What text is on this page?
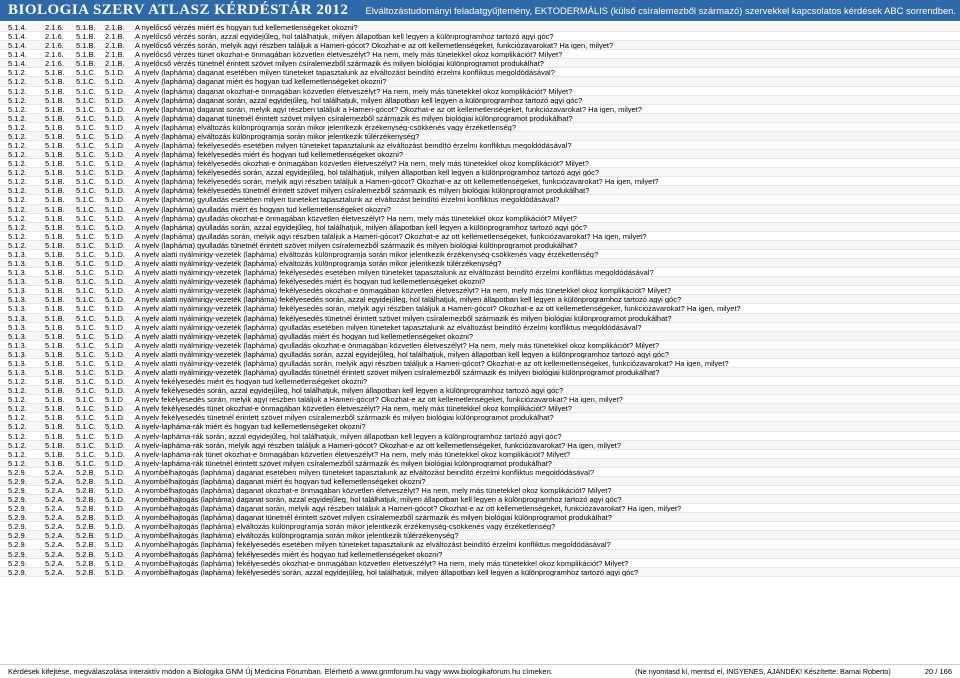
BIOLOGIA SZERV ATLASZ KÉRDÉSTÁR 2012 Elváltozástudományi feladatgyűjtemény, EKTODERMÁLIS (külső csíralemezből származó) szervekkel kapcsolatos kérdések ABC sorrendben.
5.1.4.	2.1.6.	5.1.B.	2.1.B.	A nyelőcső vérzés miért és hogyan tud kellemetlenségeket okozni?
5.1.4.	2.1.6.	5.1.B.	2.1.B.	A nyelőcső vérzés során, azzal egyidejűleg, hol találhatjuk, milyen állapotban kell legyen a különprogramhoz tartozó agyi góc?
5.1.4.	2.1.6.	5.1.B.	2.1.B.	A nyelőcső vérzés során, melyik agyi részben találjuk a Hameri-gócot? Okozhat-e az ott kellemetlenségeket, funkciózavarokat? Ha igen, milyet?
5.1.4.	2.1.6.	5.1.B.	2.1.B.	A nyelőcső vérzés tünet okozhat-e önmagában közvetlen életveszélyt? Ha nem, mely más tünetekkel okoz komplikációt? Milyet?
5.1.4.	2.1.6.	5.1.B.	2.1.B.	A nyelőcső vérzés tünetnél érintett szövet milyen csíralemezből származik és milyen biológiai különprogramot produkálhat?
5.1.2.	5.1.B.	5.1.C.	5.1.D.	A nyelv (lapháma) daganat esetében milyen tüneteket tapasztalunk az elváltozást beindító érzelmi konfliktus megoldódásával?
5.1.2.	5.1.B.	5.1.C.	5.1.D.	A nyelv (lapháma) daganat miért és hogyan tud kellemetlenségeket okozni?
5.1.2.	5.1.B.	5.1.C.	5.1.D.	A nyelv (lapháma) daganat okozhat-e önmagában közvetlen életveszélyt? Ha nem, mely más tünetekkel okoz komplikációt? Milyet?
5.1.2.	5.1.B.	5.1.C.	5.1.D.	A nyelv (lapháma) daganat során, azzal egyidejűleg, hol találhatjuk, milyen állapotban kell legyen a különprogramhoz tartozó agyi góc?
5.1.2.	5.1.B.	5.1.C.	5.1.D.	A nyelv (lapháma) daganat során, melyik agyi részben találjuk a Hameri-gócot? Okozhat-e az ott kellemetlenségeket, funkciózavarokat? Ha igen, milyet?
5.1.2.	5.1.B.	5.1.C.	5.1.D.	A nyelv (lapháma) daganat tünetnél érintett szövet milyen csíralemezből származik és milyen biológiai különprogramot produkálhat?
5.1.2.	5.1.B.	5.1.C.	5.1.D.	A nyelv (lapháma) elváltozás különprogramja során mikor jelentkezik érzékenység-csökkenés vagy érzéketlenség?
5.1.2.	5.1.B.	5.1.C.	5.1.D.	A nyelv (lapháma) elváltozás különprogramja során mikor jelentkezik túlérzékenység?
5.1.2.	5.1.B.	5.1.C.	5.1.D.	A nyelv (lapháma) fekélyesedés esetében milyen tüneteket tapasztalunk az elváltozást beindító érzelmi konfliktus megoldódásával?
5.1.2.	5.1.B.	5.1.C.	5.1.D.	A nyelv (lapháma) fekélyesedés miért és hogyan tud kellemetlenségeket okozni?
5.1.2.	5.1.B.	5.1.C.	5.1.D.	A nyelv (lapháma) fekélyesedés okozhat-e önmagában közvetlen életveszélyt? Ha nem, mely más tünetekkel okoz komplikációt? Milyet?
5.1.2.	5.1.B.	5.1.C.	5.1.D.	A nyelv (lapháma) fekélyesedés során, azzal egyidejűleg, hol találhatjuk, milyen állapotban kell legyen a különprogramhoz tartozó agyi góc?
5.1.2.	5.1.B.	5.1.C.	5.1.D.	A nyelv (lapháma) fekélyesedés során, melyik agyi részben találjuk a Hameri-gócot? Okozhat-e az ott kellemetlenségeket, funkciózavarokat? Ha igen, milyet?
5.1.2.	5.1.B.	5.1.C.	5.1.D.	A nyelv (lapháma) fekélyesedés tünetnél érintett szövet milyen csíralemezből származik és milyen biológiai különprogramot produkálhat?
5.1.2.	5.1.B.	5.1.C.	5.1.D.	A nyelv (lapháma) gyulladás esetében milyen tüneteket tapasztalunk az elváltozást beindító érzelmi konfliktus megoldódásával?
5.1.2.	5.1.B.	5.1.C.	5.1.D.	A nyelv (lapháma) gyulladás miért és hogyan tud kellemetlenségeket okozni?
5.1.2.	5.1.B.	5.1.C.	5.1.D.	A nyelv (lapháma) gyulladás okozhat-e önmagában közvetlen életveszélyt? Ha nem, mely más tünetekkel okoz komplikációt? Milyet?
5.1.2.	5.1.B.	5.1.C.	5.1.D.	A nyelv (lapháma) gyulladás során, azzal egyidejűleg, hol találhatjuk, milyen állapotban kell legyen a különprogramhoz tartozó agyi góc?
5.1.2.	5.1.B.	5.1.C.	5.1.D.	A nyelv (lapháma) gyulladás során, melyik agyi részben találjuk a Hameri-gócot? Okozhat-e az ott kellemetlenségeket, funkciózavarokat? Ha igen, milyet?
5.1.2.	5.1.B.	5.1.C.	5.1.D.	A nyelv (lapháma) gyulladás tünetnél érintett szövet milyen csíralemezből származik és milyen biológiai különprogramot produkálhat?
5.1.3.	5.1.B.	5.1.C.	5.1.D.	A nyelv alatti nyálmirigy-vezeték (lapháma) elváltozás különprogramja során mikor jelentkezik érzékenység-csökkenés vagy érzéketlenség?
5.1.3.	5.1.B.	5.1.C.	5.1.D.	A nyelv alatti nyálmirigy-vezeték (lapháma) elváltozás különprogramja során mikor jelentkezik túlérzékenység?
5.1.3.	5.1.B.	5.1.C.	5.1.D.	A nyelv alatti nyálmirigy-vezeték (lapháma) fekélyesedés esetében milyen tüneteket tapasztalunk az elváltozást beindító érzelmi konfliktus megoldódásával?
5.1.3.	5.1.B.	5.1.C.	5.1.D.	A nyelv alatti nyálmirigy-vezeték (lapháma) fekélyesedés miért és hogyan tud kellemetlenségeket okozni?
5.1.3.	5.1.B.	5.1.C.	5.1.D.	A nyelv alatti nyálmirigy-vezeték (lapháma) fekélyesedés okozhat-e önmagában közvetlen életveszélyt? Ha nem, mely más tünetekkel okoz komplikációt? Milyet?
5.1.3.	5.1.B.	5.1.C.	5.1.D.	A nyelv alatti nyálmirigy-vezeték (lapháma) fekélyesedés során, azzal egyidejűleg, hol találhatjuk, milyen állapotban kell legyen a különprogramhoz tartozó agyi góc?
5.1.3.	5.1.B.	5.1.C.	5.1.D.	A nyelv alatti nyálmirigy-vezeték (lapháma) fekélyesedés során, melyik agyi részben találjuk a Hameri-gócot? Okozhat-e az ott kellemetlenségeket, funkciózavarokat? Ha igen, milyet?
5.1.3.	5.1.B.	5.1.C.	5.1.D.	A nyelv alatti nyálmirigy-vezeték (lapháma) fekélyesedés tünetnél érintett szövet milyen csíralemezből származik és milyen biológiai különprogramot produkálhat?
5.1.3.	5.1.B.	5.1.C.	5.1.D.	A nyelv alatti nyálmirigy-vezeték (lapháma) gyulladás esetében milyen tüneteket tapasztalunk az elváltozást beindító érzelmi konfliktus megoldódásával?
5.1.3.	5.1.B.	5.1.C.	5.1.D.	A nyelv alatti nyálmirigy-vezeték (lapháma) gyulladás miért és hogyan tud kellemetlenségeket okozni?
5.1.3.	5.1.B.	5.1.C.	5.1.D.	A nyelv alatti nyálmirigy-vezeték (lapháma) gyulladás okozhat-e önmagában közvetlen életveszélyt? Ha nem, mely más tünetekkel okoz komplikációt? Milyet?
5.1.3.	5.1.B.	5.1.C.	5.1.D.	A nyelv alatti nyálmirigy-vezeték (lapháma) gyulladás során, azzal egyidejűleg, hol találhatjuk, milyen állapotban kell legyen a különprogramhoz tartozó agyi góc?
5.1.3.	5.1.B.	5.1.C.	5.1.D.	A nyelv alatti nyálmirigy-vezeték (lapháma) gyulladás során, melyik agyi részben találjuk a Hameri-gócot? Okozhat-e az ott kellemetlenségeket, funkciózavarokat? Ha igen, milyet?
5.1.3.	5.1.B.	5.1.C.	5.1.D.	A nyelv alatti nyálmirigy-vezeték (lapháma) gyulladás tünetnél érintett szövet milyen csíralemezből származik és milyen biológiai különprogramot produkálhat?
5.1.2.	5.1.B.	5.1.C.	5.1.D.	A nyelv fekélyesedés miért és hogyan tud kellemetlenségeket okozni?
5.1.2.	5.1.B.	5.1.C.	5.1.D.	A nyelv fekélyesedés során, azzal egyidejűleg, hol találhatjuk, milyen állapotban kell legyen a különprogramhoz tartozó agyi góc?
5.1.2.	5.1.B.	5.1.C.	5.1.D.	A nyelv fekélyesedés során, melyik agyi részben találjuk a Hameri-gócot? Okozhat-e az ott kellemetlenségeket, funkciózavarokat? Ha igen, milyet?
5.1.2.	5.1.B.	5.1.C.	5.1.D.	A nyelv fekélyesedés tünet okozhat-e önmagában közvetlen életveszélyt? Ha nem, mely más tünetekkel okoz komplikációt? Milyet?
5.1.2.	5.1.B.	5.1.C.	5.1.D.	A nyelv fekélyesedés tünetnél érintett szövet milyen csíralemezből származik és milyen biológiai különprogramot produkálhat?
5.1.2.	5.1.B.	5.1.C.	5.1.D.	A nyelv-lapháma-rák miért és hogyan tud kellemetlenségeket okozni?
5.1.2.	5.1.B.	5.1.C.	5.1.D.	A nyelv-lapháma-rák során, azzal egyidejűleg, hol találhatjuk, milyen állapotban kell legyen a különprogramhoz tartozó agyi góc?
5.1.2.	5.1.B.	5.1.C.	5.1.D.	A nyelv-lapháma-rák során, melyik agyi részben találjuk a Hameri-gócot? Okozhat-e az ott kellemetlenségeket, funkciózavarokat? Ha igen, milyet?
5.1.2.	5.1.B.	5.1.C.	5.1.D.	A nyelv-lapháma-rák tünet okozhat-e önmagában közvetlen életveszélyt? Ha nem, mely más tünetekkel okoz komplikációt? Milyet?
5.1.2.	5.1.B.	5.1.C.	5.1.D.	A nyelv-lapháma-rák tünetnél érintett szövet milyen csíralemezből származik és milyen biológiai különprogramot produkálhat?
5.2.9.	5.2.A.	5.2.B.	5.1.D.	A nyombélhajtogás (lapháma) daganat esetében milyen tüneteket tapasztalunk az elváltozást beindító érzelmi konfliktus megoldódásával?
5.2.9.	5.2.A.	5.2.B.	5.1.D.	A nyombélhajtogás (lapháma) daganat miért és hogyan tud kellemetlenségeket okozni?
5.2.9.	5.2.A.	5.2.B.	5.1.D.	A nyombélhajtogás (lapháma) daganat okozhat-e önmagában közvetlen életveszélyt? Ha nem, mely más tünetekkel okoz komplikációt? Milyet?
5.2.9.	5.2.A.	5.2.B.	5.1.D.	A nyombélhajtogás (lapháma) daganat során, azzal egyidejűleg, hol találhatjuk, milyen állapotban kell legyen a különprogramhoz tartozó agyi góc?
5.2.9.	5.2.A.	5.2.B.	5.1.D.	A nyombélhajtogás (lapháma) daganat során, melyik agyi részben találjuk a Hameri-gócot? Okozhat-e az ott kellemetlenségeket, funkciózavarokat? Ha igen, milyet?
5.2.9.	5.2.A.	5.2.B.	5.1.D.	A nyombélhajtogás (lapháma) daganat tünetnél érintett szövet milyen csíralemezből származik és milyen biológiai különprogramot produkálhat?
5.2.9.	5.2.A.	5.2.B.	5.1.D.	A nyombélhajtogás (lapháma) elváltozás különprogramja során mikor jelentkezik érzékenység-csökkenés vagy érzéketlenség?
5.2.9.	5.2.A.	5.2.B.	5.1.D.	A nyombélhajtogás (lapháma) elváltozás különprogramja során mikor jelentkezik túlérzékenység?
5.2.9.	5.2.A.	5.2.B.	5.1.D.	A nyombélhajtogás (lapháma) fekélyesedés esetében milyen tüneteket tapasztalunk az elváltozást beindító érzelmi konfliktus megoldódásával?
5.2.9.	5.2.A.	5.2.B.	5.1.D.	A nyombélhajtogás (lapháma) fekélyesedés miért és hogyan tud kellemetlenségeket okozni?
5.2.9.	5.2.A.	5.2.B.	5.1.D.	A nyombélhajtogás (lapháma) fekélyesedés okozhat-e önmagában közvetlen életveszélyt? Ha nem, mely más tünetekkel okoz komplikációt? Milyet?
5.2.9.	5.2.A.	5.2.B.	5.1.D.	A nyombélhajtogás (lapháma) fekélyesedés során, azzal egyidejűleg, hol találhatjuk, milyen állapotban kell legyen a különprogramhoz tartozó agyi góc?
Kérdések kifejtése, megválaszolása interaktív módon a Biologika GNM Új Medicina Fórumban. Elérhető a www.gnmforum.hu vagy www.biologikaforum.hu címeken.	(Ne nyomtasd ki, mentsd el, INGYENES, AJÁNDÉK! Készítette: Barnai Roberto)	20 / 166
